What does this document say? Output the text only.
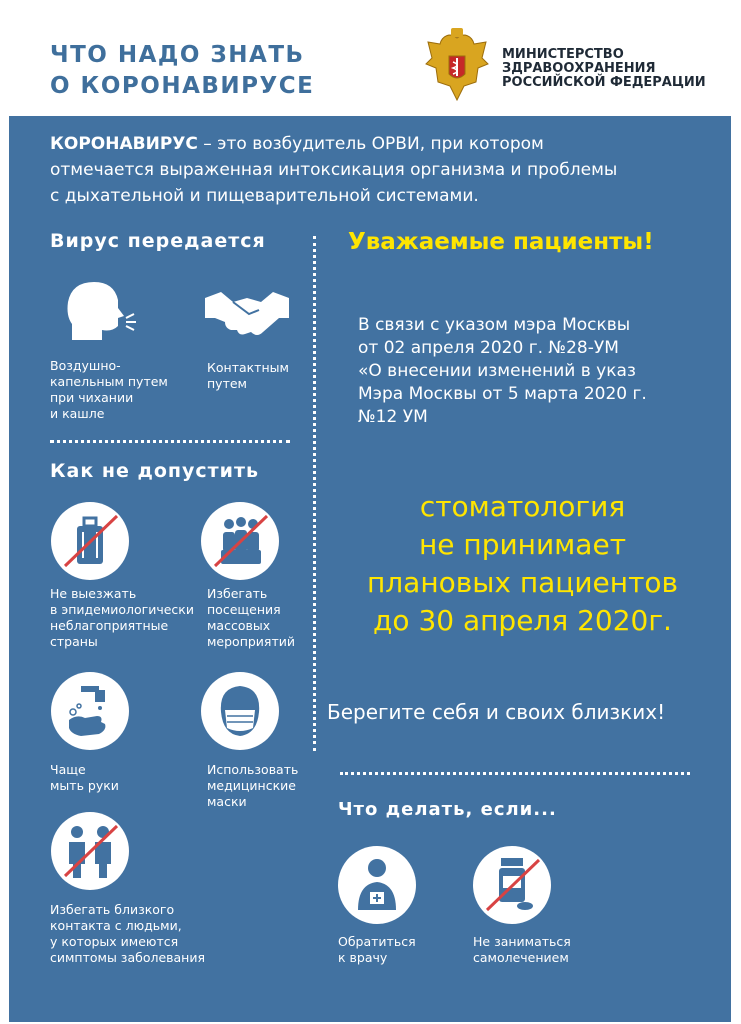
ЧТО НАДО ЗНАТЬ
О КОРОНАВИРУСЕ
МИНИСТЕРСТВО
ЗДРАВООХРАНЕНИЯ
РОССИЙСКОЙ ФЕДЕРАЦИИ
КОРОНАВИРУС – это возбудитель ОРВИ, при котором
отмечается выраженная интоксикация организма и проблемы
с дыхательной и пищеварительной системами.
Вирус передается
Воздушно-
капельным путем
при чихании
и кашле
Контактным
путем
Как не допустить
Не выезжать
в эпидемиологически
неблагоприятные
страны
Избегать
посещения
массовых
мероприятий
Чаще
мыть руки
Использовать
медицинские
маски
Избегать близкого
контакта с людьми,
у которых имеются
симптомы заболевания
Уважаемые пациенты!
В связи с указом мэра Москвы
от 02 апреля 2020 г. №28-УМ
«О внесении изменений в указ
Мэра Москвы от 5 марта 2020 г.
№12 УМ
стоматология
не принимает
плановых пациентов
до 30 апреля 2020г.
Берегите себя и своих близких!
Что делать, если...
Обратиться
к врачу
Не заниматься
самолечением
